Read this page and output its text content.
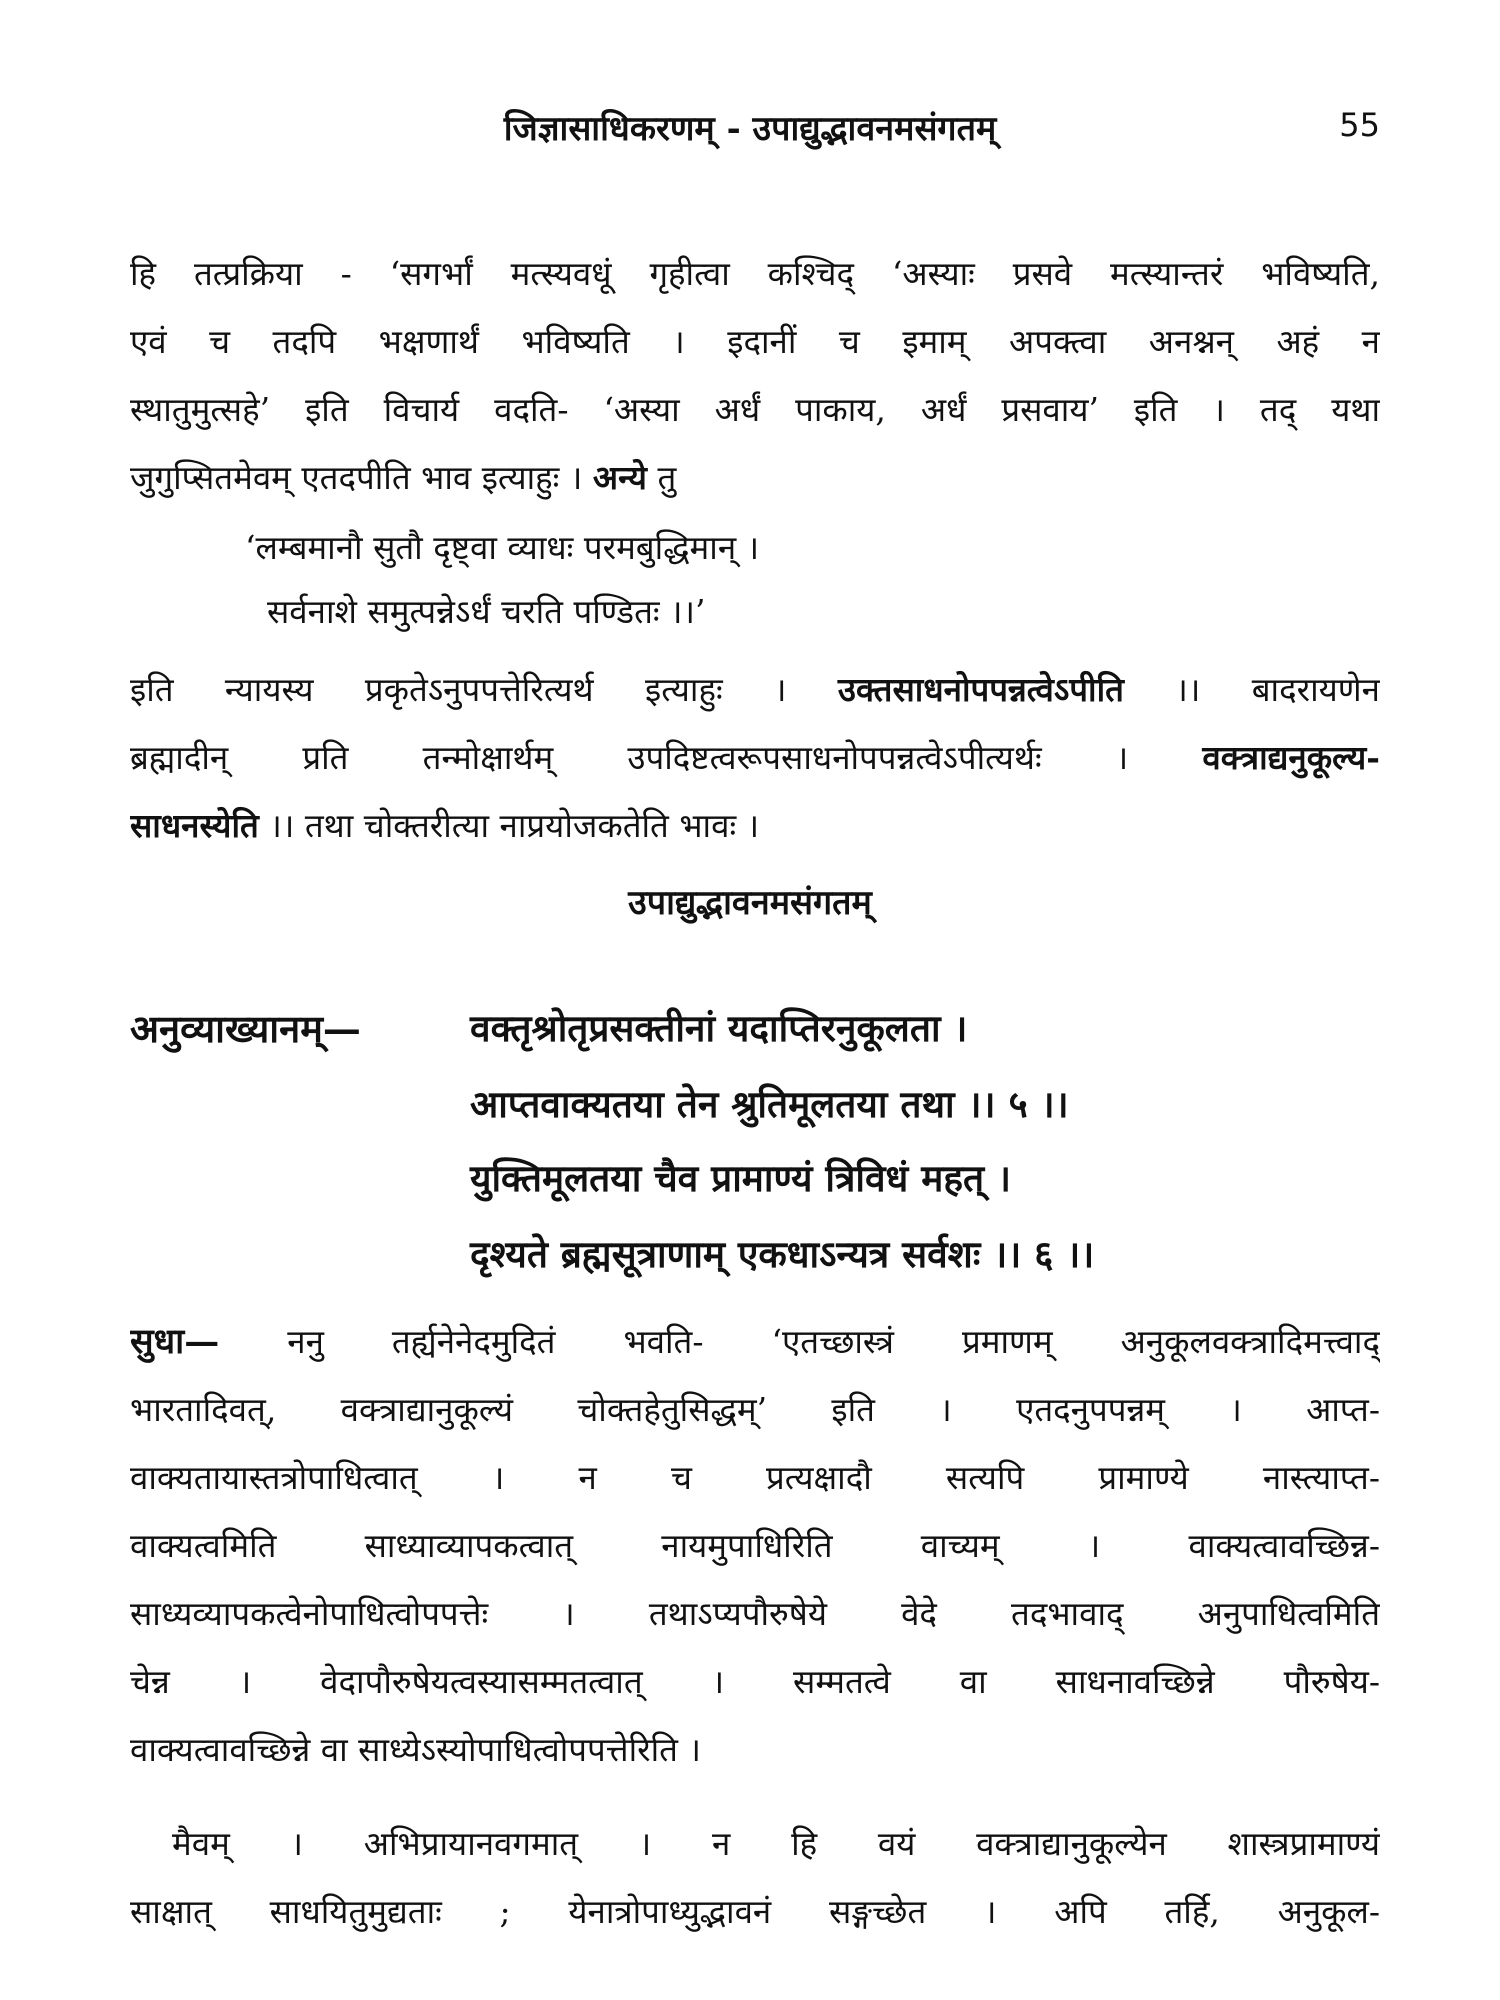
जिज्ञासाधिकरणम् - उपाद्युद्भावनमसंगतम्	55
हि तत्प्रक्रिया - ‘सगर्भां मत्स्यवधूं गृहीत्वा कश्चिद् ‘अस्याः प्रसवे मत्स्यान्तरं भविष्यति,
एवं च तदपि भक्षणार्थं भविष्यति । इदानीं च इमाम् अपक्त्वा अनश्नन् अहं न
स्थातुमुत्सहे’ इति विचार्य वदति- ‘अस्या अर्धं पाकाय, अर्धं प्रसवाय’ इति । तद् यथा
जुगुप्सितमेवम् एतदपीति भाव इत्याहुः । अन्ये तु
‘लम्बमानौ सुतौ दृष्ट्वा व्याधः परमबुद्धिमान् ।
सर्वनाशे समुत्पन्नेऽर्धं चरति पण्डितः ।।’
इति न्यायस्य प्रकृतेऽनुपपत्तेरित्यर्थ इत्याहुः । उक्तसाधनोपपन्नत्वेऽपीति ।। बादरायणेन
ब्रह्मादीन् प्रति तन्मोक्षार्थम् उपदिष्टत्वरूपसाधनोपपन्नत्वेऽपीत्यर्थः । वक्त्राद्यनुकूल्य-
साधनस्येति ।। तथा चोक्तरीत्या नाप्रयोजकतेति भावः ।
उपाद्युद्भावनमसंगतम्
अनुव्याख्यानम्—	वक्तृश्रोतृप्रसक्तीनां यदाप्तिरनुकूलता ।
आप्तवाक्यतया तेन श्रुतिमूलतया तथा ।। ५ ।।
युक्तिमूलतया चैव प्रामाण्यं त्रिविधं महत् ।
दृश्यते ब्रह्मसूत्राणाम् एकधाऽन्यत्र सर्वशः ।। ६ ।।
सुधा— ननु तर्ह्यनेनेदमुदितं भवति- ‘एतच्छास्त्रं प्रमाणम् अनुकूलवक्त्रादिमत्त्वाद्
भारतादिवत्, वक्त्राद्यानुकूल्यं चोक्तहेतुसिद्धम्’ इति । एतदनुपपन्नम् । आप्त-
वाक्यतायास्तत्रोपाधित्वात् । न च प्रत्यक्षादौ सत्यपि प्रामाण्ये नास्त्याप्त-
वाक्यत्वमिति साध्याव्यापकत्वात् नायमुपाधिरिति वाच्यम् । वाक्यत्वावच्छिन्न-
साध्यव्यापकत्वेनोपाधित्वोपपत्तेः । तथाऽप्यपौरुषेये वेदे तदभावाद् अनुपाधित्वमिति
चेन्न । वेदापौरुषेयत्वस्यासम्मतत्वात् । सम्मतत्वे वा साधनावच्छिन्ने पौरुषेय-
वाक्यत्वावच्छिन्ने वा साध्येऽस्योपाधित्वोपपत्तेरिति ।
मैवम् । अभिप्रायानवगमात् । न हि वयं वक्त्राद्यानुकूल्येन शास्त्रप्रामाण्यं
साक्षात् साधयितुमुद्यताः ; येनात्रोपाध्युद्भावनं सङ्गच्छेत । अपि तर्हि, अनुकूल-
